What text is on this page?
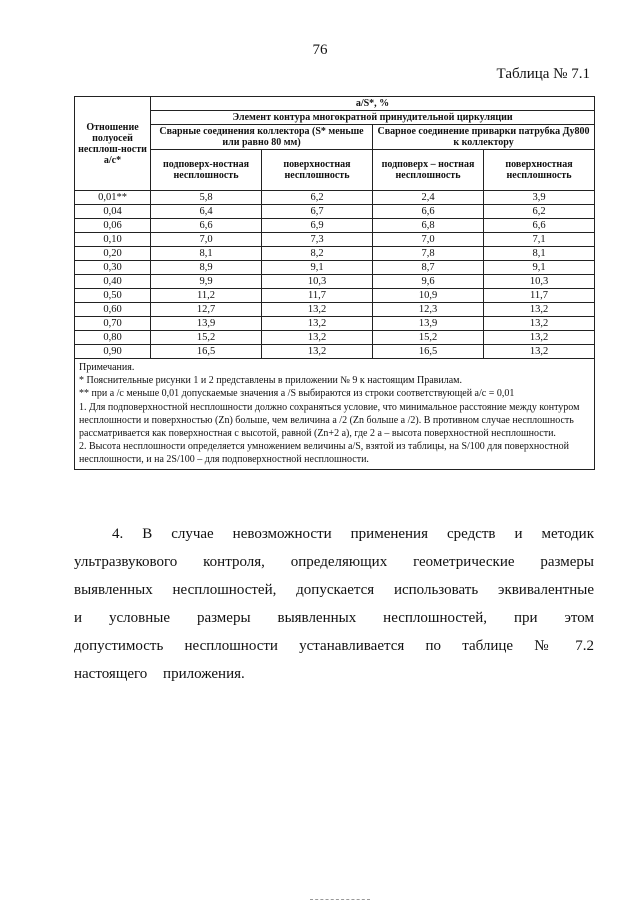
76
Таблица № 7.1
Отношение полуосей несплош-ности a/c*	a/S*, %			
	Элемент контура многократной принудительной циркуляции			
	Сварные соединения коллектора (S* меньше или равно 80 мм)		Сварное соединение приварки патрубка Ду800 к коллектору	
	подповерх-ностная несплошность	поверхностная несплошность	подповерх – ностная несплошность	поверхностная несплошность
0,01**	5,8	6,2	2,4	3,9
0,04	6,4	6,7	6,6	6,2
0,06	6,6	6,9	6,8	6,6
0,10	7,0	7,3	7,0	7,1
0,20	8,1	8,2	7,8	8,1
0,30	8,9	9,1	8,7	9,1
0,40	9,9	10,3	9,6	10,3
0,50	11,2	11,7	10,9	11,7
0,60	12,7	13,2	12,3	13,2
0,70	13,9	13,2	13,9	13,2
0,80	15,2	13,2	15,2	13,2
0,90	16,5	13,2	16,5	13,2

Примечания.

* Пояснительные рисунки 1 и 2 представлены в приложении № 9 к настоящим Правилам.

** при a /c меньше 0,01 допускаемые значения a /S выбираются из строки соответствующей a/c = 0,01

1. Для подповерхностной несплошности должно сохраняться условие, что минимальное расстояние между контуром несплошности и поверхностью (Zn) больше, чем величина a /2 (Zn больше a /2). В противном случае несплошность рассматривается как поверхностная с высотой, равной (Zn+2 a), где 2 a – высота поверхностной несплошности.

2. Высота несплошности определяется умножением величины a/S, взятой из таблицы, на S/100 для поверхностной несплошности, и на 2S/100 – для подповерхностной несплошности.				

4. В случае невозможности применения средств и методик ультразвукового контроля, определяющих геометрические размеры выявленных несплошностей, допускается использовать эквивалентные и условные размеры выявленных несплошностей, при этом допустимость несплошности устанавливается по таблице № 7.2 настоящего приложения.
